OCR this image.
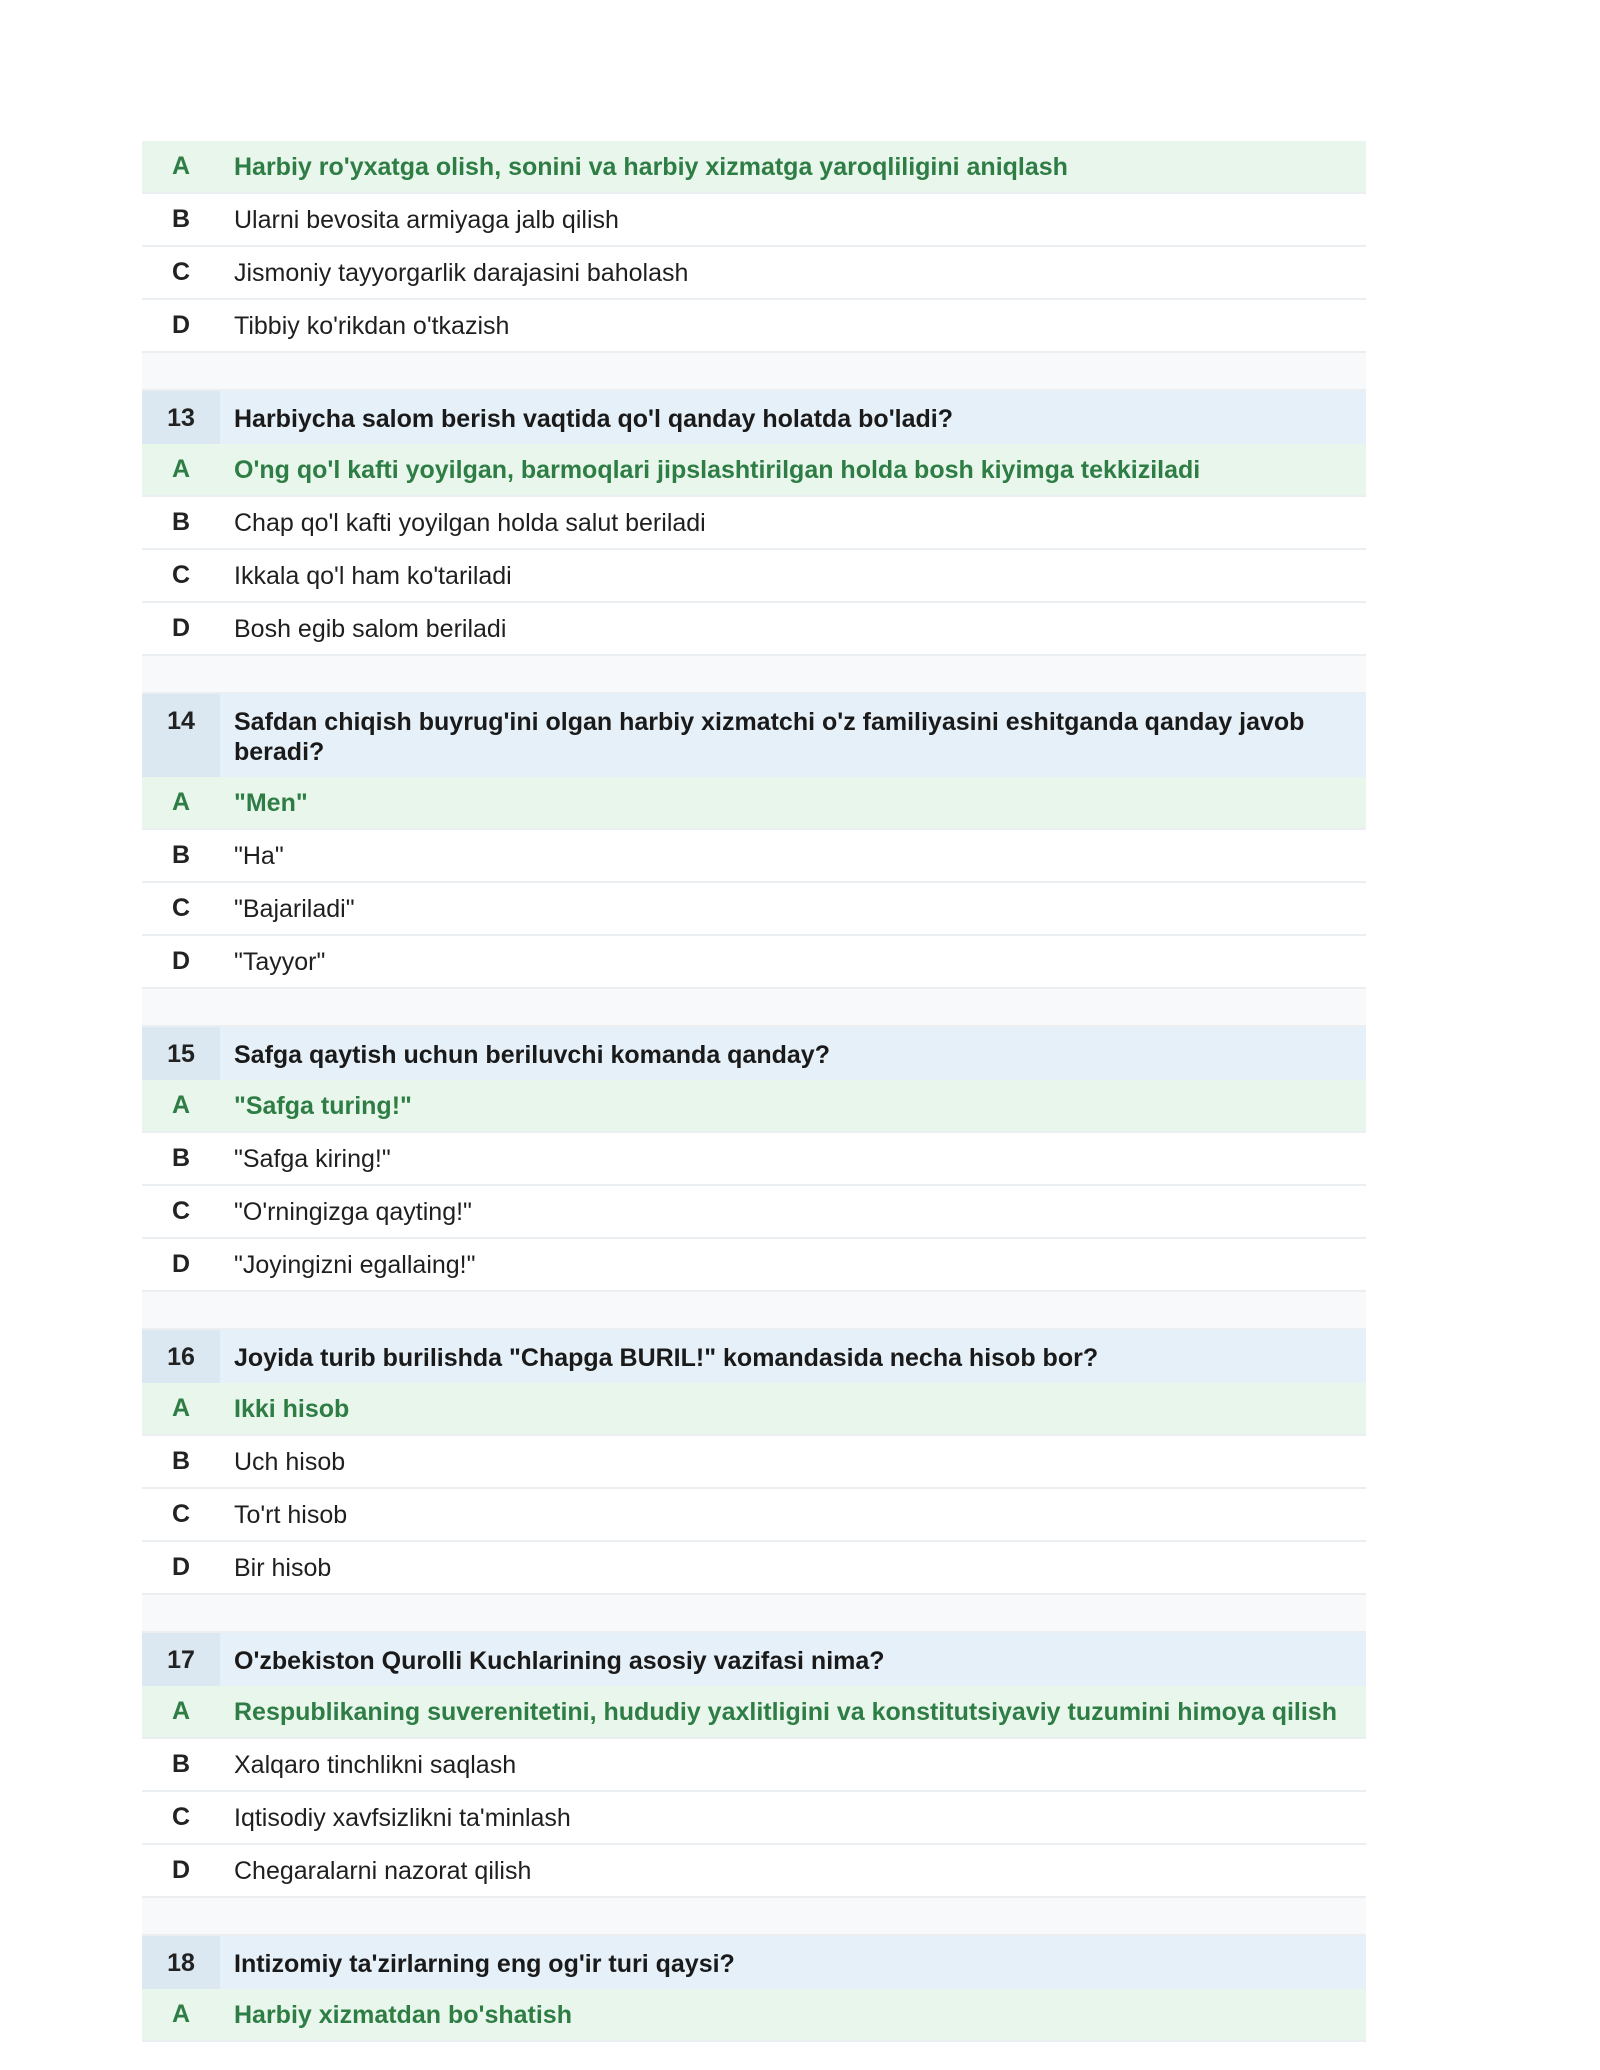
A	Harbiy ro'yxatga olish, sonini va harbiy xizmatga yaroqliligini aniqlash
B	Ularni bevosita armiyaga jalb qilish
C	Jismoniy tayyorgarlik darajasini baholash
D	Tibbiy ko'rikdan o'tkazish
13	Harbiycha salom berish vaqtida qo'l qanday holatda bo'ladi?
A	O'ng qo'l kafti yoyilgan, barmoqlari jipslashtirilgan holda bosh kiyimga tekkiziladi
B	Chap qo'l kafti yoyilgan holda salut beriladi
C	Ikkala qo'l ham ko'tariladi
D	Bosh egib salom beriladi
14	Safdan chiqish buyrug'ini olgan harbiy xizmatchi o'z familiyasini eshitganda qanday javob beradi?
A	"Men"
B	"Ha"
C	"Bajariladi"
D	"Tayyor"
15	Safga qaytish uchun beriluvchi komanda qanday?
A	"Safga turing!"
B	"Safga kiring!"
C	"O'rningizga qayting!"
D	"Joyingizni egallaing!"
16	Joyida turib burilishda "Chapga BURIL!" komandasida necha hisob bor?
A	Ikki hisob
B	Uch hisob
C	To'rt hisob
D	Bir hisob
17	O'zbekiston Qurolli Kuchlarining asosiy vazifasi nima?
A	Respublikaning suverenitetini, hududiy yaxlitligini va konstitutsiyaviy tuzumini himoya qilish
B	Xalqaro tinchlikni saqlash
C	Iqtisodiy xavfsizlikni ta'minlash
D	Chegaralarni nazorat qilish
18	Intizomiy ta'zirlarning eng og'ir turi qaysi?
A	Harbiy xizmatdan bo'shatish
